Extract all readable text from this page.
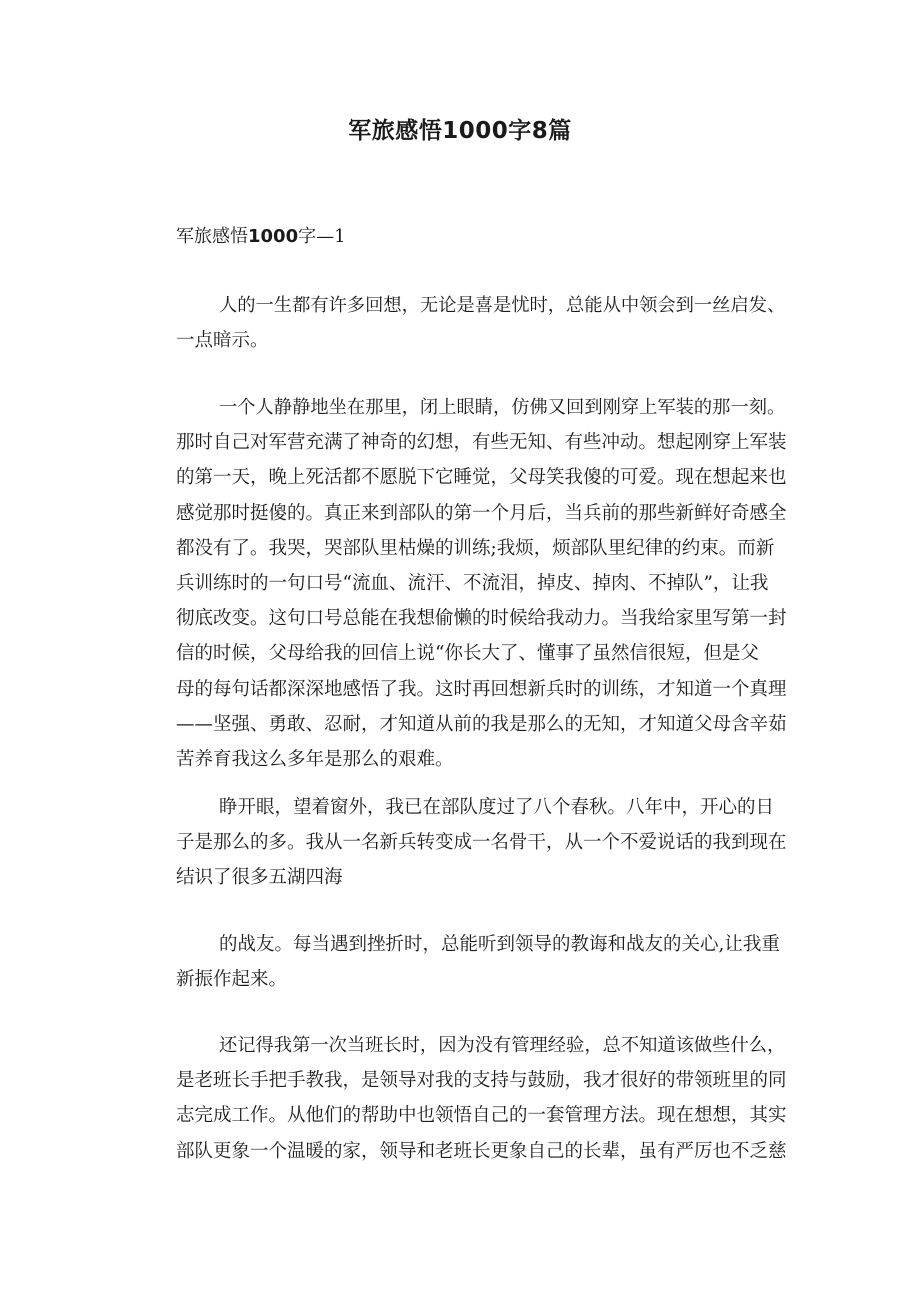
军旅感悟1000字8篇
军旅感悟1000字—1
人的一生都有许多回想，无论是喜是忧时，总能从中领会到一丝启发、
一点暗示。
一个人静静地坐在那里，闭上眼睛，仿佛又回到刚穿上军装的那一刻。
那时自己对军营充满了神奇的幻想，有些无知、有些冲动。想起刚穿上军装
的第一天，晚上死活都不愿脱下它睡觉，父母笑我傻的可爱。现在想起来也
感觉那时挺傻的。真正来到部队的第一个月后，当兵前的那些新鲜好奇感全
都没有了。我哭，哭部队里枯燥的训练;我烦，烦部队里纪律的约束。而新
兵训练时的一句口号“流血、流汗、不流泪，掉皮、掉肉、不掉队”，让我
彻底改变。这句口号总能在我想偷懒的时候给我动力。当我给家里写第一封
信的时候，父母给我的回信上说“你长大了、懂事了虽然信很短，但是父
母的每句话都深深地感悟了我。这时再回想新兵时的训练，才知道一个真理
——坚强、勇敢、忍耐，才知道从前的我是那么的无知，才知道父母含辛茹
苦养育我这么多年是那么的艰难。
睁开眼，望着窗外，我已在部队度过了八个春秋。八年中，开心的日
子是那么的多。我从一名新兵转变成一名骨干，从一个不爱说话的我到现在
结识了很多五湖四海
的战友。每当遇到挫折时，总能听到领导的教诲和战友的关心,让我重
新振作起来。
还记得我第一次当班长时，因为没有管理经验，总不知道该做些什么，
是老班长手把手教我，是领导对我的支持与鼓励，我才很好的带领班里的同
志完成工作。从他们的帮助中也领悟自己的一套管理方法。现在想想，其实
部队更象一个温暖的家，领导和老班长更象自己的长辈，虽有严厉也不乏慈
